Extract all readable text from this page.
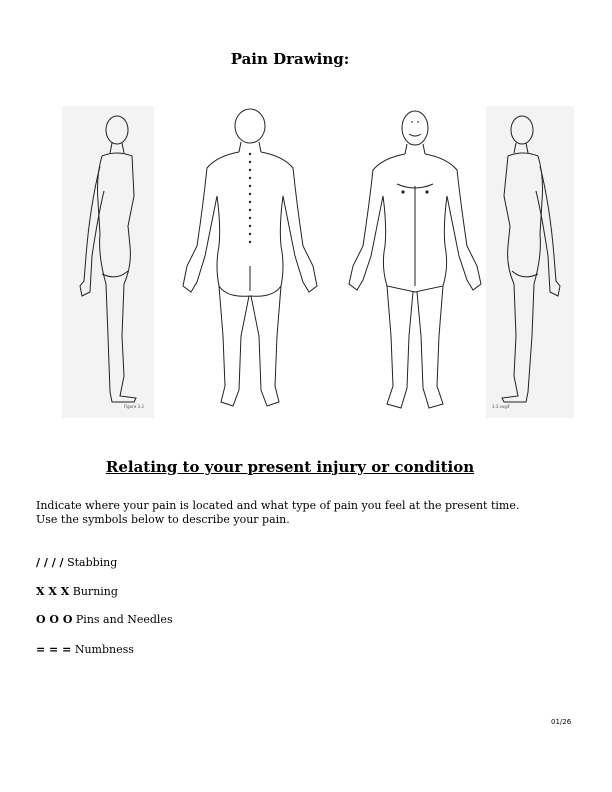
Pain Drawing:
Figure 3.3	3.3 ∂ugiF
Relating to your present injury or condition
Indicate where your pain is located and what type of pain you feel at the present time.
Use the symbols below to describe your pain.
/ / / / Stabbing
X X X Burning
O O O Pins and Needles
= = = Numbness
01/26
